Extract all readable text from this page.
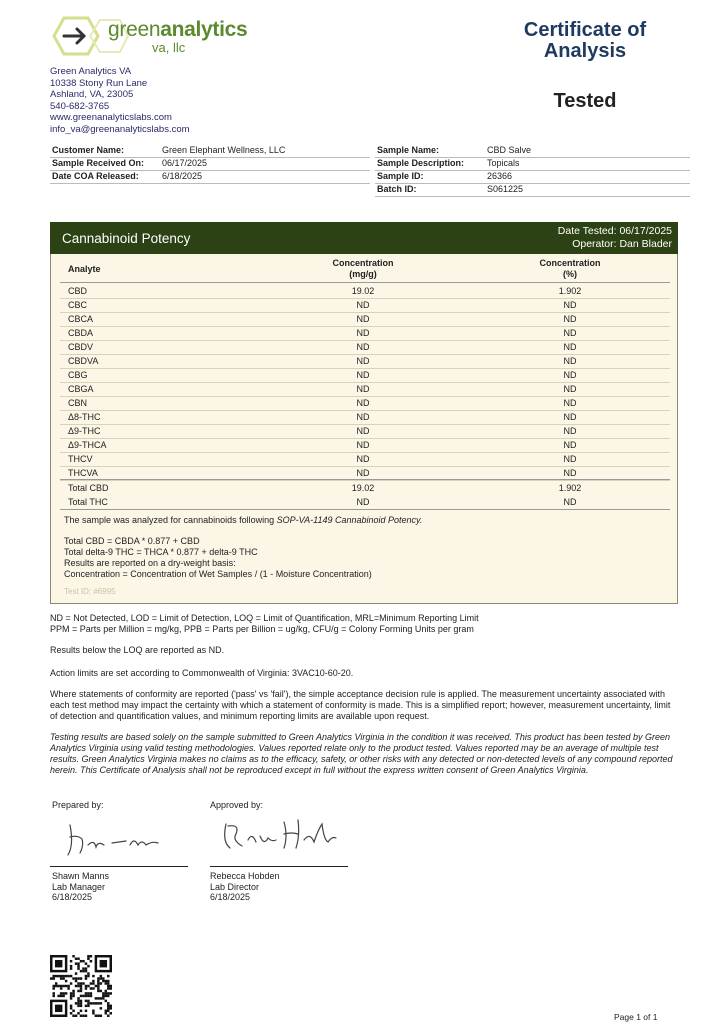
greenanalytics
va, llc
Green Analytics VA
10338 Stony Run Lane
Ashland, VA, 23005
540-682-3765
www.greenanalyticslabs.com
info_va@greenanalyticslabs.com
Certificate of
Analysis
Tested
Customer Name:	Green Elephant Wellness, LLC
Sample Received On: 06/17/2025
Date COA Released:	6/18/2025
Sample Name:	CBD Salve
Sample Description:	Topicals
Sample ID:	26366
Batch ID:	S061225
Cannabinoid Potency	Date Tested: 06/17/2025
Operator: Dan Blader
Analyte
Concentration
(mg/g)
Concentration
(%)
CBD	19.02	1.902
CBC	ND	ND
CBCA	ND	ND
CBDA	ND	ND
CBDV	ND	ND
CBDVA	ND	ND
CBG	ND	ND
CBGA	ND	ND
CBN	ND	ND
Δ8-THC	ND	ND
Δ9-THC	ND	ND
Δ9-THCA	ND	ND
THCV	ND	ND
THCVA	ND	ND
Total CBD	19.02	1.902
Total THC	ND	ND
The sample was analyzed for cannabinoids following SOP-VA-1149 Cannabinoid Potency.
Total CBD = CBDA * 0.877 + CBD
Total delta-9 THC = THCA * 0.877 + delta-9 THC
Results are reported on a dry-weight basis:
Concentration = Concentration of Wet Samples / (1 - Moisture Concentration)
Test ID: #6995
ND = Not Detected, LOD = Limit of Detection, LOQ = Limit of Quantification, MRL=Minimum Reporting Limit
PPM = Parts per Million = mg/kg, PPB = Parts per Billion = ug/kg, CFU/g = Colony Forming Units per gram
Results below the LOQ are reported as ND.
Action limits are set according to Commonwealth of Virginia: 3VAC10-60-20.
Where statements of conformity are reported ('pass' vs 'fail'), the simple acceptance decision rule is applied. The measurement uncertainty associated with each test method may impact the certainty with which a statement of conformity is made. This is a simplified report; however, measurement uncertainty, limit of detection and quantification values, and minimum reporting limits are available upon request.
Testing results are based solely on the sample submitted to Green Analytics Virginia in the condition it was received. This product has been tested by Green Analytics Virginia using valid testing methodologies. Values reported relate only to the product tested. Values reported may be an average of multiple test results. Green Analytics Virginia makes no claims as to the efficacy, safety, or other risks with any detected or non-detected levels of any compound reported herein. This Certificate of Analysis shall not be reproduced except in full without the express written consent of Green Analytics Virginia.
Prepared by:	Approved by:
Shawn Manns
Lab Manager
6/18/2025
Rebecca Hobden
Lab Director
6/18/2025
Page 1 of 1
